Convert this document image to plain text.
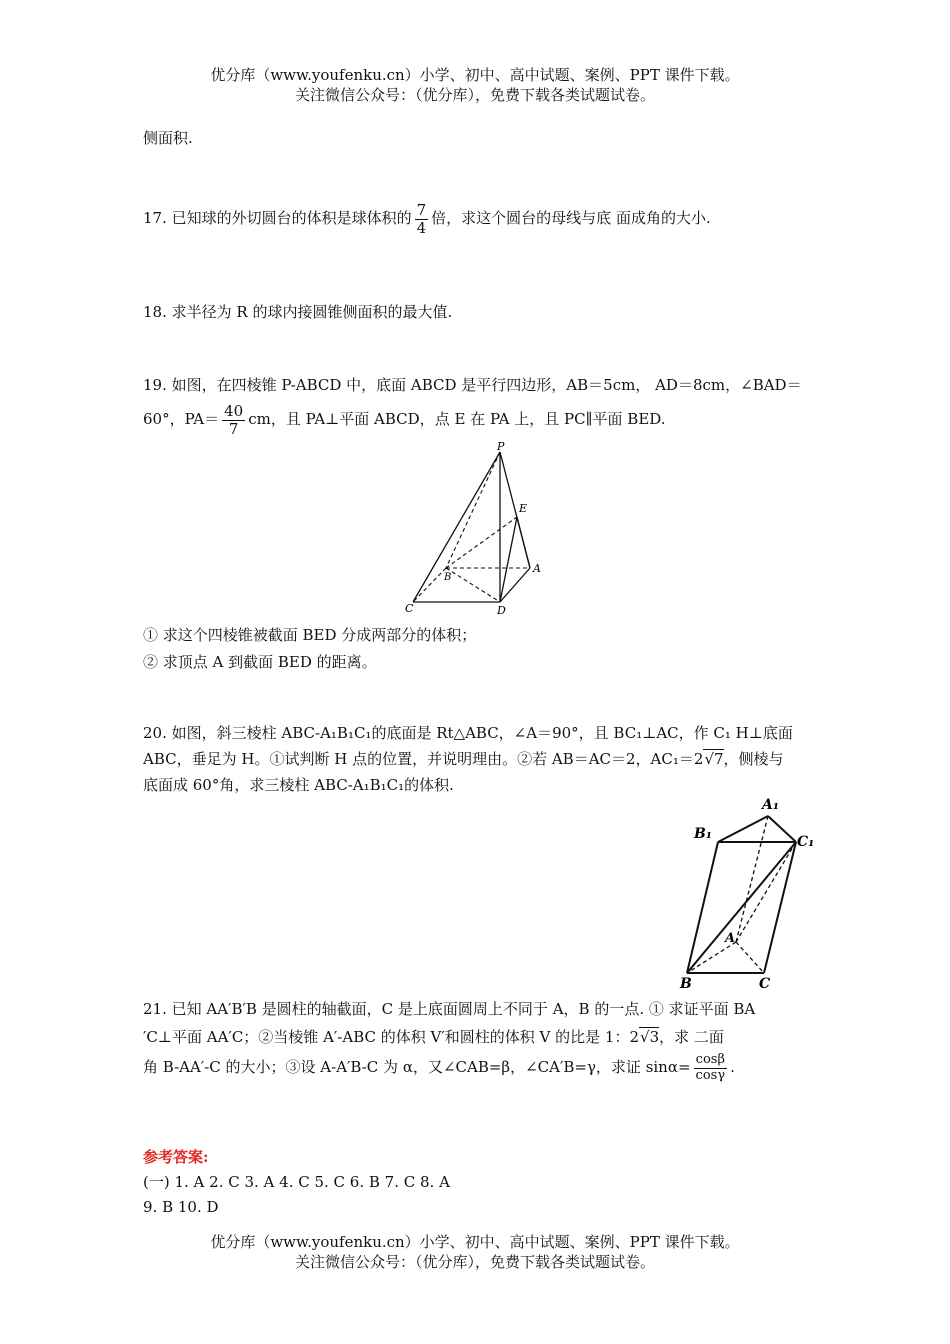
优分库（www.youfenku.cn）小学、初中、高中试题、案例、PPT 课件下载。
关注微信公众号：（优分库），免费下载各类试题试卷。
侧面积.
17. 已知球的外切圆台的体积是球体积的 $\frac{7}{4}$ 倍，求这个圆台的母线与底 面成角的大小.
18. 求半径为 R 的球内接圆锥侧面积的最大值.
19. 如图，在四棱锥 P-ABCD 中，底面 ABCD 是平行四边形，AB＝5cm， AD＝8cm，∠BAD＝
60°，$PA= \frac{40}{7}$ cm，且 PA⊥平面 ABCD，点 E 在 PA 上，且 PC∥平面 BED.
P
E
B
A
C	D
① 求这个四棱锥被截面 BED 分成两部分的体积；
② 求顶点 A 到截面 BED 的距离。
20. 如图，斜三棱柱 ABC-A₁B₁C₁的底面是 Rt△ABC，∠A＝90°，且 BC₁⊥AC，作 C₁ H⊥底面
ABC，垂足为 H。①试判断 H 点的位置，并说明理由。②若 AB＝AC＝2，AC₁＝2√7，侧棱与
底面成 60°角，求三棱柱 ABC-A₁B₁C₁的体积.
A₁
B₁	C₁
A
B	C
21. 已知 AA′B′B 是圆柱的轴截面，C 是上底面圆周上不同于 A，B 的一点. ① 求证平面 BA
′C⊥平面 AA′C；②当棱锥 A′-ABC 的体积 V′和圆柱的体积 V 的比是 1：2√3，求 二面
角 B-AA′-C 的大小；③设 A-A′B-C 为 α，又∠CAB=β，∠CA′B=γ，求证 $\sin\alpha= \frac{\cos\beta}{\cos\gamma}$ .
参考答案:
(一) 1. A 2. C 3. A 4. C 5. C 6. B 7. C 8. A
9. B 10. D
优分库（www.youfenku.cn）小学、初中、高中试题、案例、PPT 课件下载。
关注微信公众号：（优分库），免费下载各类试题试卷。
